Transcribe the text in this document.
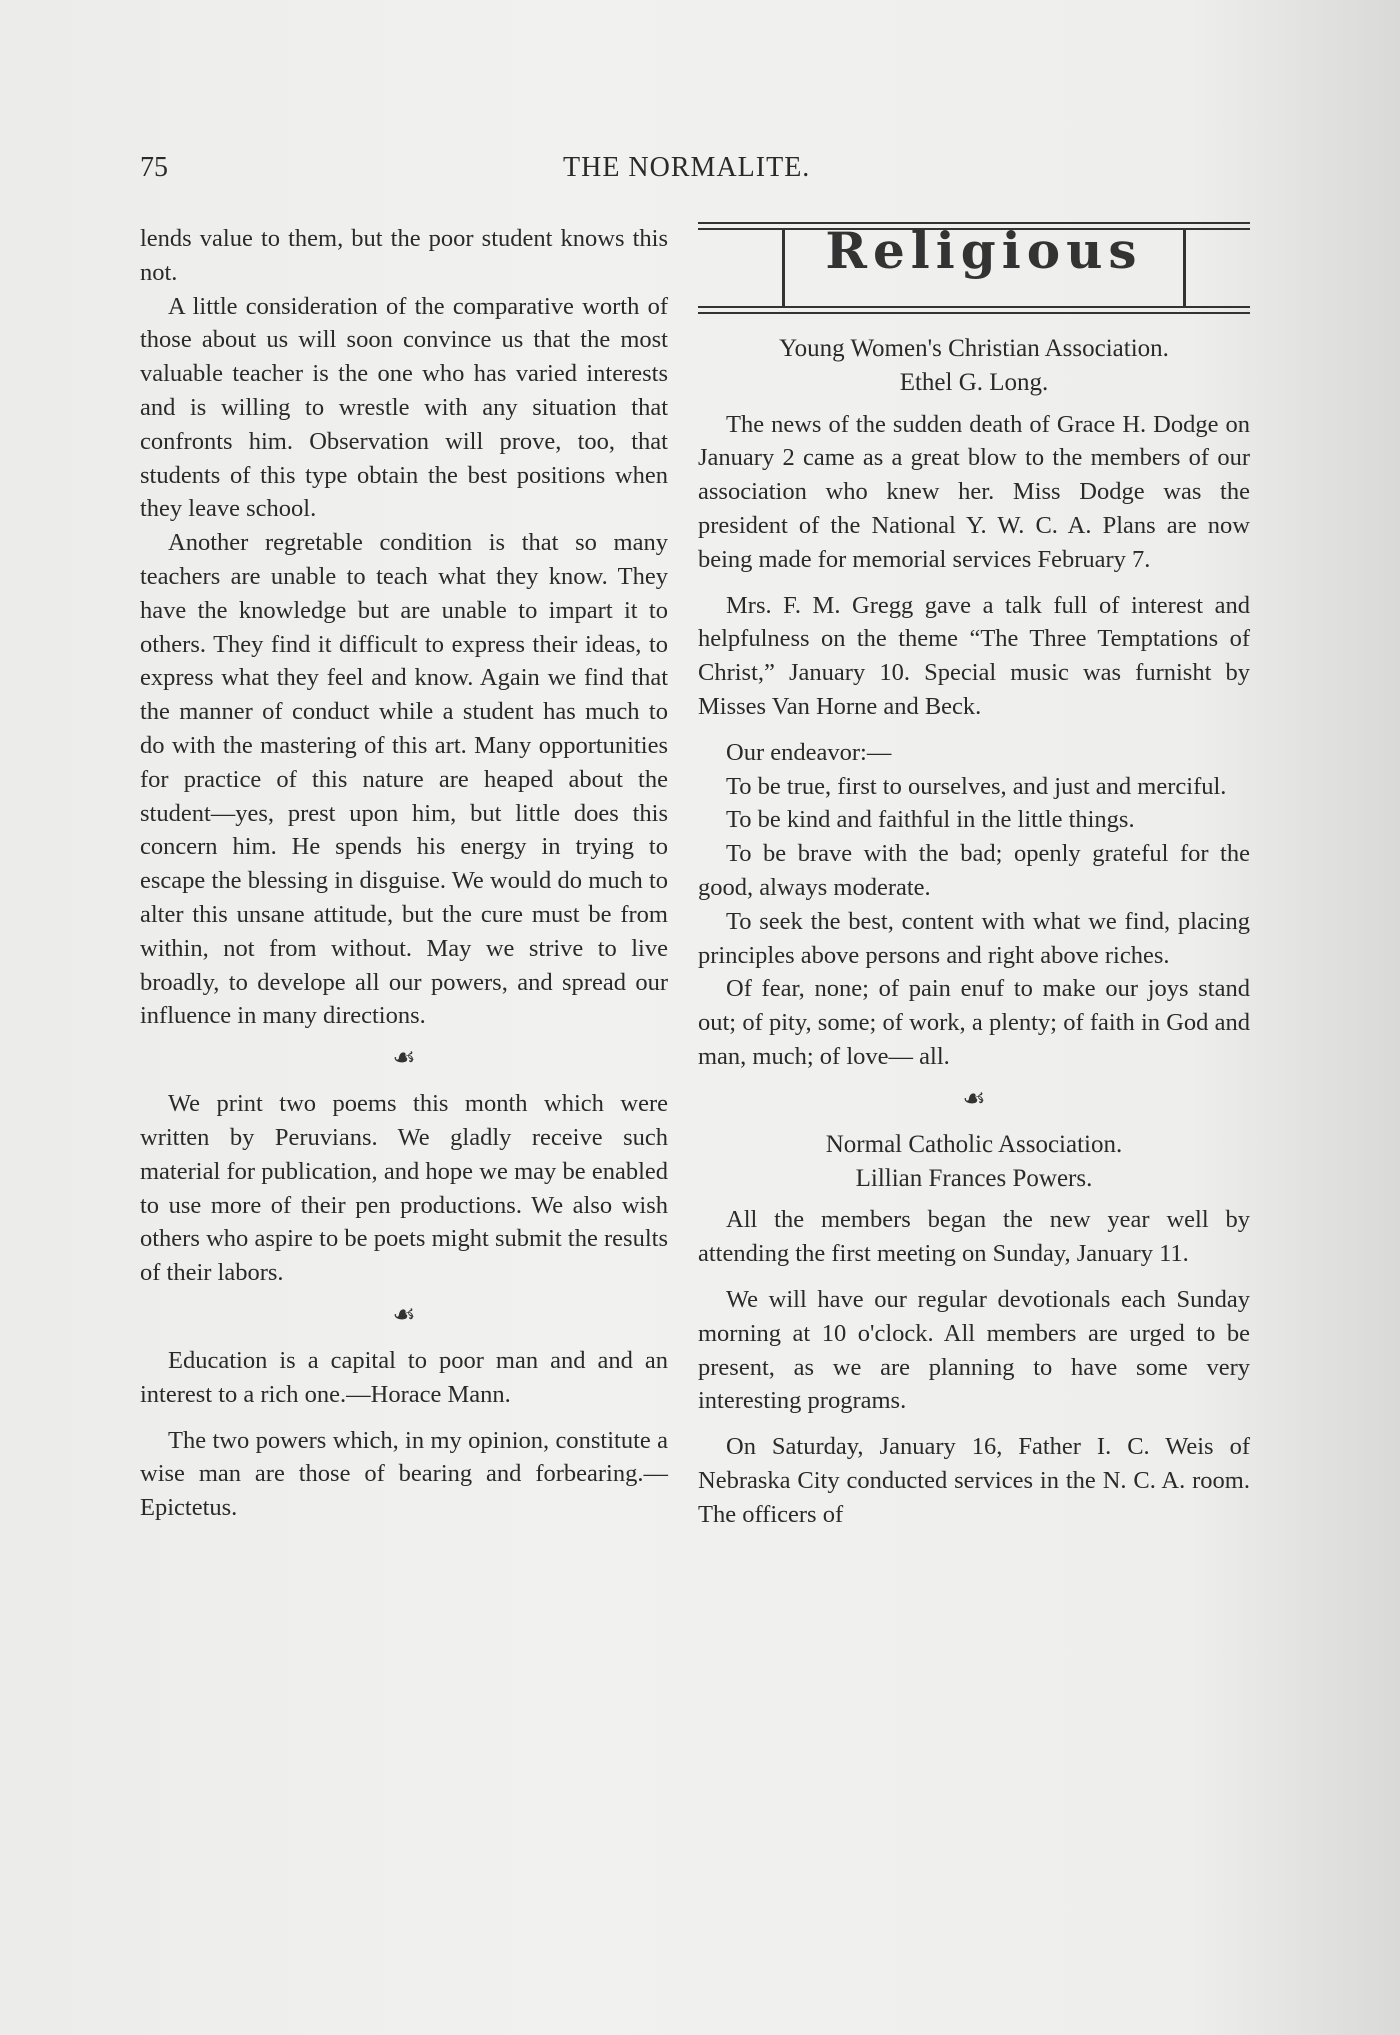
75	THE NORMALITE.

lends value to them, but the poor student knows this not.

A little consideration of the comparative worth of those about us will soon convince us that the most valuable teacher is the one who has varied interests and is willing to wrestle with any situation that confronts him. Observation will prove, too, that students of this type obtain the best positions when they leave school.

Another regretable condition is that so many teachers are unable to teach what they know. They have the knowledge but are unable to impart it to others. They find it difficult to express their ideas, to express what they feel and know. Again we find that the manner of conduct while a student has much to do with the mastering of this art. Many opportunities for practice of this nature are heaped about the student—yes, prest upon him, but little does this concern him. He spends his energy in trying to escape the blessing in disguise. We would do much to alter this unsane attitude, but the cure must be from within, not from without. May we strive to live broadly, to develope all our powers, and spread our influence in many directions.

☙

We print two poems this month which were written by Peruvians. We gladly receive such material for publication, and hope we may be enabled to use more of their pen productions. We also wish others who aspire to be poets might submit the results of their labors.

☙

Education is a capital to poor man and and an interest to a rich one.—Horace Mann.

The two powers which, in my opinion, constitute a wise man are those of bearing and forbearing.—Epictetus.

Religious

Young Women's Christian Association.

Ethel G. Long.

The news of the sudden death of Grace H. Dodge on January 2 came as a great blow to the members of our association who knew her. Miss Dodge was the president of the National Y. W. C. A. Plans are now being made for memorial services February 7.

Mrs. F. M. Gregg gave a talk full of interest and helpfulness on the theme “The Three Temptations of Christ,” January 10. Special music was furnisht by Misses Van Horne and Beck.

Our endeavor:—

To be true, first to ourselves, and just and merciful.

To be kind and faithful in the little things.

To be brave with the bad; openly grateful for the good, always moderate.

To seek the best, content with what we find, placing principles above persons and right above riches.

Of fear, none; of pain enuf to make our joys stand out; of pity, some; of work, a plenty; of faith in God and man, much; of love— all.

☙

Normal Catholic Association.

Lillian Frances Powers.

All the members began the new year well by attending the first meeting on Sunday, January 11.

We will have our regular devotionals each Sunday morning at 10 o'clock. All members are urged to be present, as we are planning to have some very interesting programs.

On Saturday, January 16, Father I. C. Weis of Nebraska City conducted services in the N. C. A. room. The officers of
